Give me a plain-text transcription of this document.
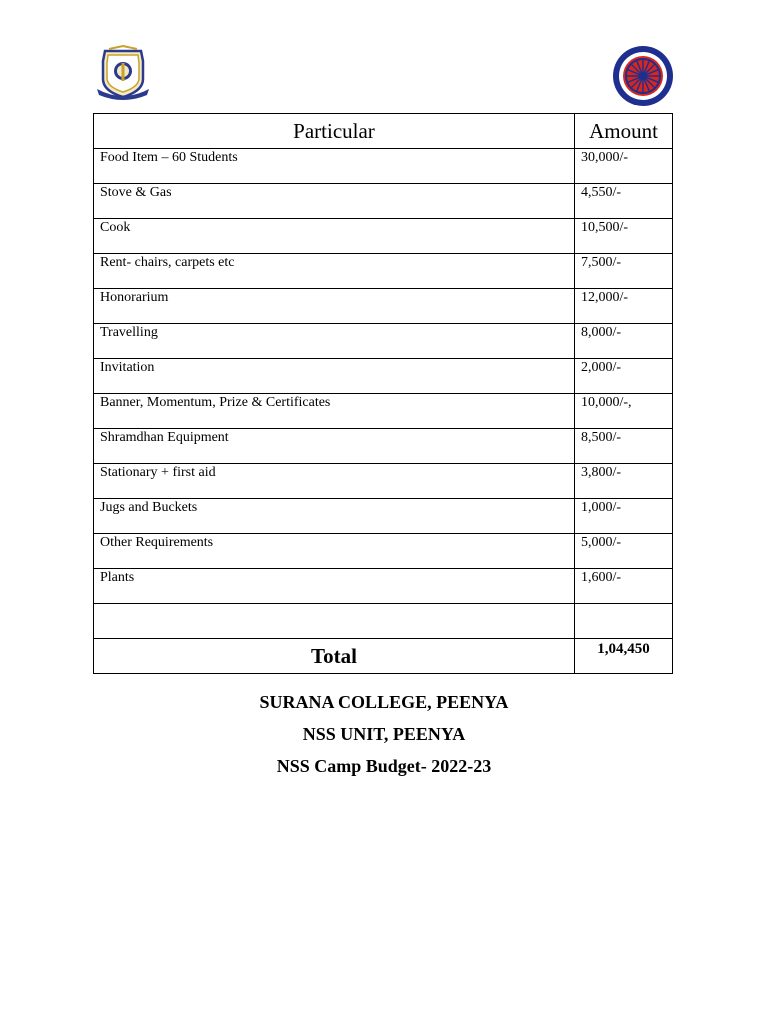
Particular	Amount
Food Item – 60 Students	30,000/-
Stove & Gas	4,550/-
Cook	10,500/-
Rent- chairs, carpets etc	7,500/-
Honorarium	12,000/-
Travelling	8,000/-
Invitation	2,000/-
Banner, Momentum, Prize & Certificates	10,000/-,
Shramdhan Equipment	8,500/-
Stationary + first aid	3,800/-
Jugs and Buckets	1,000/-
Other Requirements	5,000/-
Plants	1,600/-

Total	1,04,450
SURANA COLLEGE, PEENYA
NSS UNIT, PEENYA
NSS Camp Budget- 2022-23
